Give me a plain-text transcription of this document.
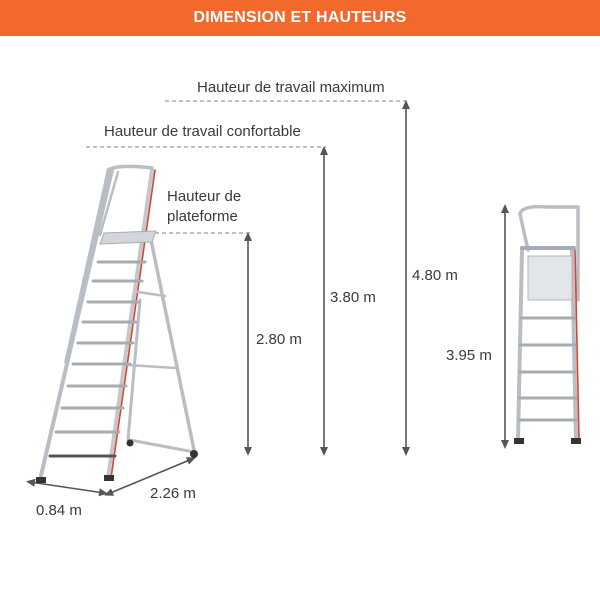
DIMENSION ET HAUTEURS
Hauteur de travail maximum
Hauteur de travail confortable
Hauteur de
plateforme
2.80 m
3.80 m
4.80 m
3.95 m
0.84 m
2.26 m
